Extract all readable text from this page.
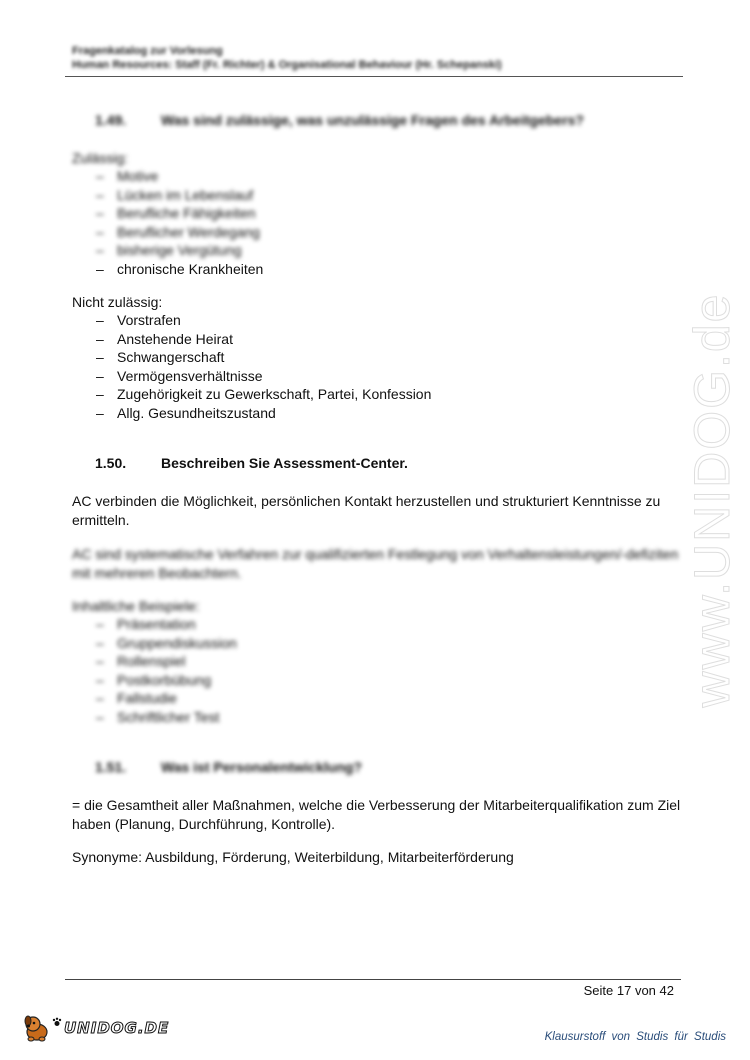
Fragenkatalog zur Vorlesung
Human Resources: Staff (Fr. Richter) & Organisational Behaviour (Hr. Schepanski)
1.49. Was sind zulässige, was unzulässige Fragen des Arbeitgebers?
Zulässig:
– Motive
– Lücken im Lebenslauf
– Berufliche Fähigkeiten
– Beruflicher Werdegang
– bisherige Vergütung
– chronische Krankheiten
Nicht zulässig:
– Vorstrafen
– Anstehende Heirat
– Schwangerschaft
– Vermögensverhältnisse
– Zugehörigkeit zu Gewerkschaft, Partei, Konfession
– Allg. Gesundheitszustand
1.50. Beschreiben Sie Assessment-Center.
AC verbinden die Möglichkeit, persönlichen Kontakt herzustellen und strukturiert Kenntnisse zu ermitteln.
AC sind systematische Verfahren zur qualifizierten Festlegung von Verhaltensleistungen/-defiziten mit mehreren Beobachtern.
Inhaltliche Beispiele:
– Präsentation
– Gruppendiskussion
– Rollenspiel
– Postkorbübung
– Fallstudie
– Schriftlicher Test
1.51. Was ist Personalentwicklung?
= die Gesamtheit aller Maßnahmen, welche die Verbesserung der Mitarbeiterqualifikation zum Ziel haben (Planung, Durchführung, Kontrolle).
Synonyme: Ausbildung, Förderung, Weiterbildung, Mitarbeiterförderung
www.UNIDOG.de
Seite 17 von 42
UNIDOG.DE	Klausurstoff von Studis für Studis
